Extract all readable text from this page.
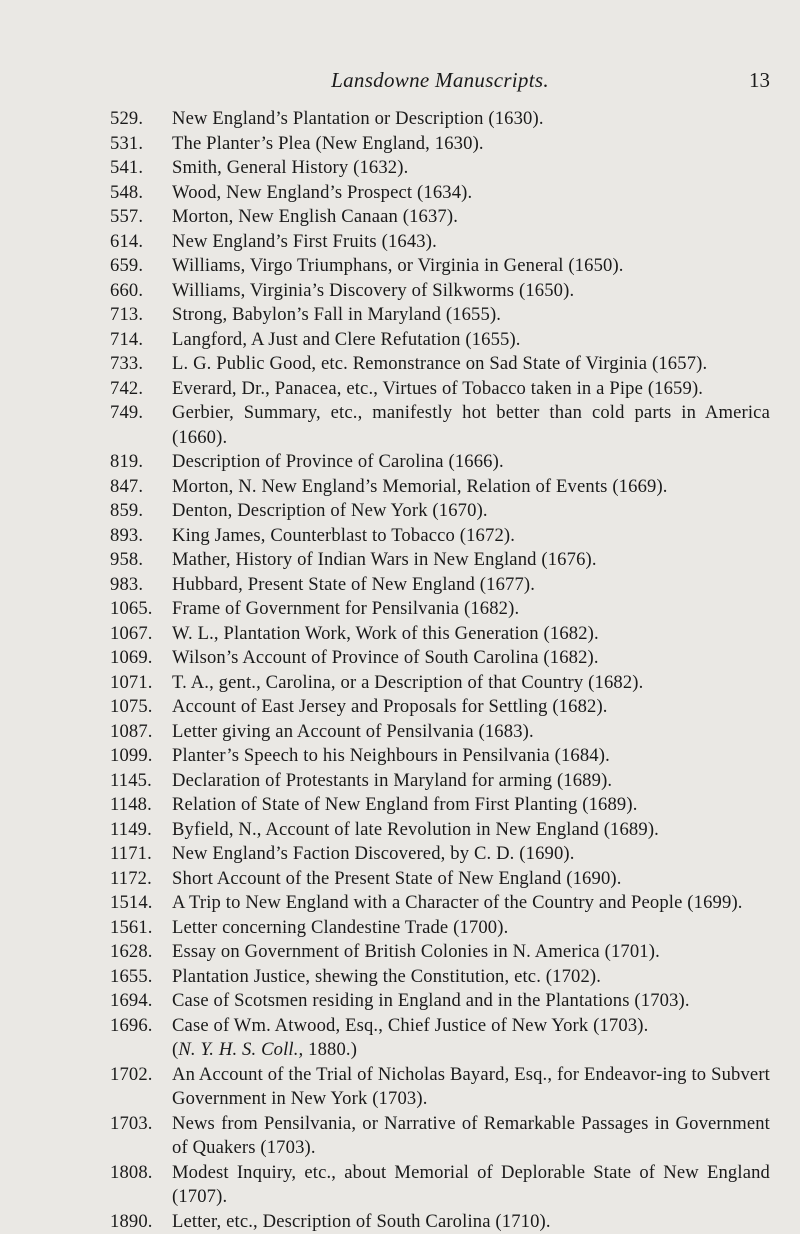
Lansdowne Manuscripts.	13
529. New England’s Plantation or Description (1630).
531. The Planter’s Plea (New England, 1630).
541. Smith, General History (1632).
548. Wood, New England’s Prospect (1634).
557. Morton, New English Canaan (1637).
614. New England’s First Fruits (1643).
659. Williams, Virgo Triumphans, or Virginia in General (1650).
660. Williams, Virginia’s Discovery of Silkworms (1650).
713. Strong, Babylon’s Fall in Maryland (1655).
714. Langford, A Just and Clere Refutation (1655).
733. L. G. Public Good, etc. Remonstrance on Sad State of Virginia (1657).
742. Everard, Dr., Panacea, etc., Virtues of Tobacco taken in a Pipe (1659).
749. Gerbier, Summary, etc., manifestly hot better than cold parts in America (1660).
819. Description of Province of Carolina (1666).
847. Morton, N. New England’s Memorial, Relation of Events (1669).
859. Denton, Description of New York (1670).
893. King James, Counterblast to Tobacco (1672).
958. Mather, History of Indian Wars in New England (1676).
983. Hubbard, Present State of New England (1677).
1065. Frame of Government for Pensilvania (1682).
1067. W. L., Plantation Work, Work of this Generation (1682).
1069. Wilson’s Account of Province of South Carolina (1682).
1071. T. A., gent., Carolina, or a Description of that Country (1682).
1075. Account of East Jersey and Proposals for Settling (1682).
1087. Letter giving an Account of Pensilvania (1683).
1099. Planter’s Speech to his Neighbours in Pensilvania (1684).
1145. Declaration of Protestants in Maryland for arming (1689).
1148. Relation of State of New England from First Planting (1689).
1149. Byfield, N., Account of late Revolution in New England (1689).
1171. New England’s Faction Discovered, by C. D. (1690).
1172. Short Account of the Present State of New England (1690).
1514. A Trip to New England with a Character of the Country and People (1699).
1561. Letter concerning Clandestine Trade (1700).
1628. Essay on Government of British Colonies in N. America (1701).
1655. Plantation Justice, shewing the Constitution, etc. (1702).
1694. Case of Scotsmen residing in England and in the Plantations (1703).
1696. Case of Wm. Atwood, Esq., Chief Justice of New York (1703).
(N. Y. H. S. Coll., 1880.)
1702. An Account of the Trial of Nicholas Bayard, Esq., for Endeavor-ing to Subvert Government in New York (1703).
1703. News from Pensilvania, or Narrative of Remarkable Passages in Government of Quakers (1703).
1808. Modest Inquiry, etc., about Memorial of Deplorable State of New England (1707).
1890. Letter, etc., Description of South Carolina (1710).
